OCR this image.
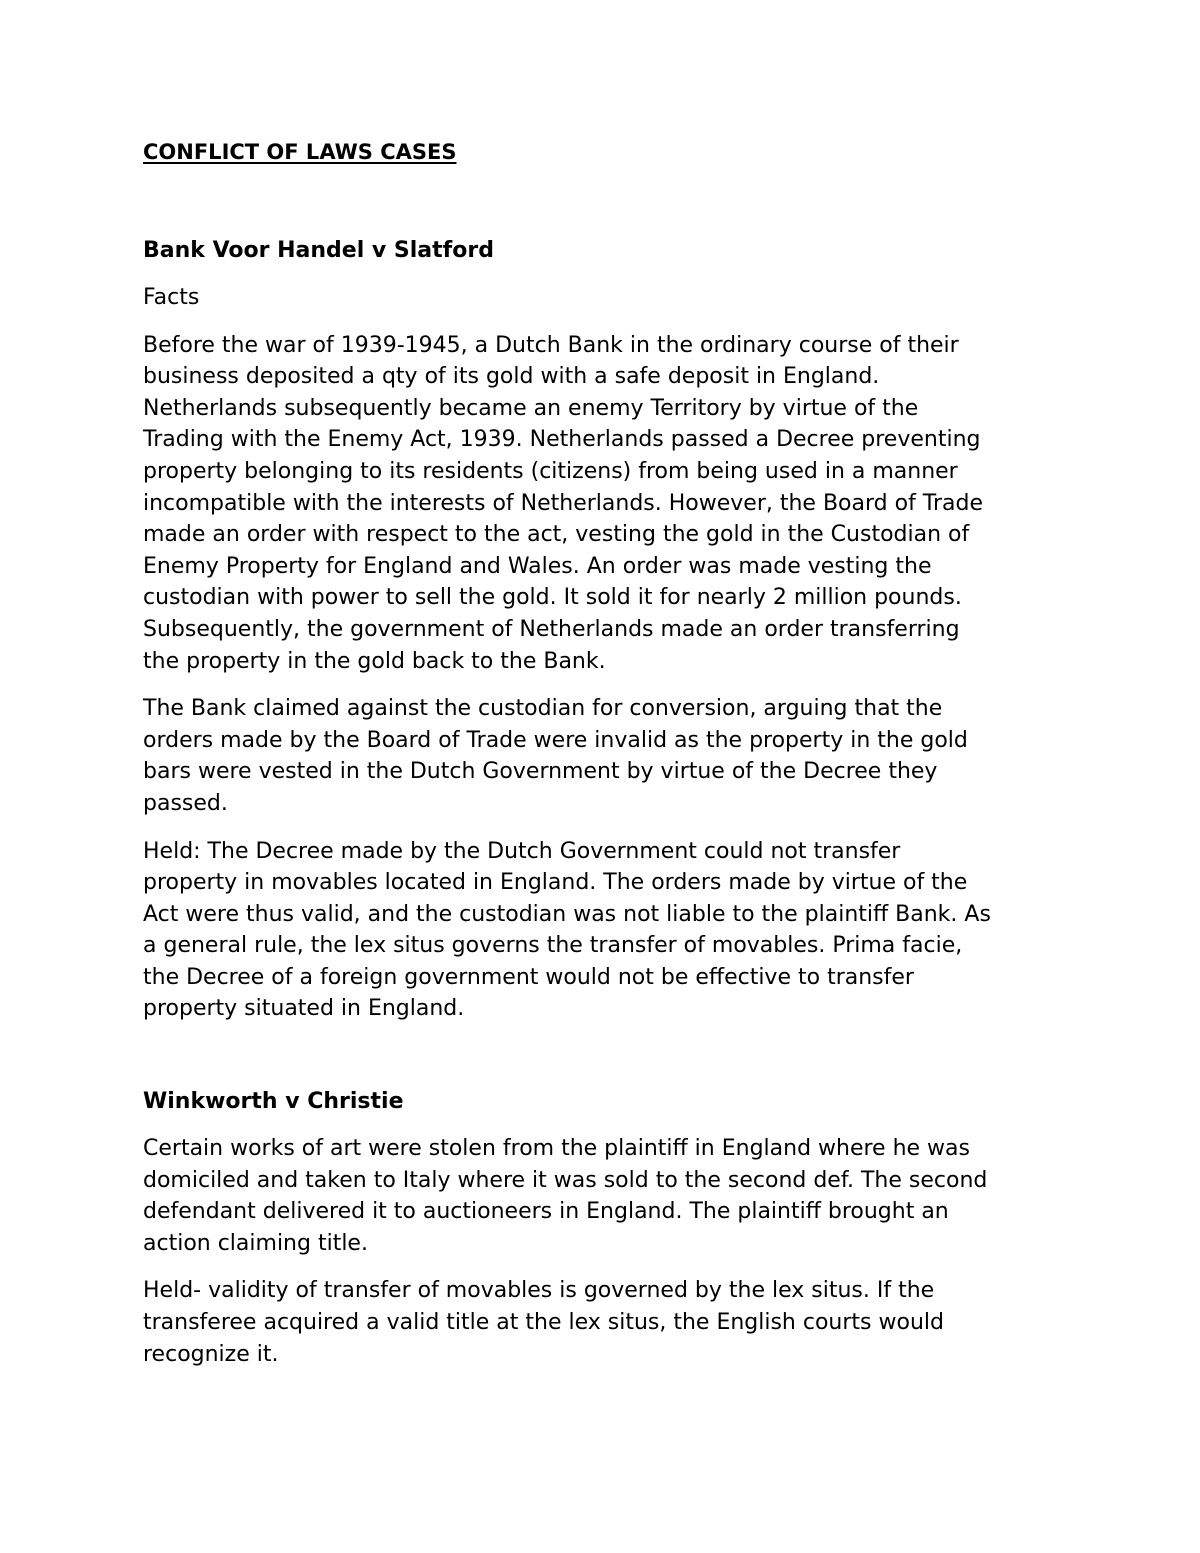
CONFLICT OF LAWS CASES
Bank Voor Handel v Slatford

Facts

Before the war of 1939-1945, a Dutch Bank in the ordinary course of their
business deposited a qty of its gold with a safe deposit in England.
Netherlands subsequently became an enemy Territory by virtue of the
Trading with the Enemy Act, 1939. Netherlands passed a Decree preventing
property belonging to its residents (citizens) from being used in a manner
incompatible with the interests of Netherlands. However, the Board of Trade
made an order with respect to the act, vesting the gold in the Custodian of
Enemy Property for England and Wales. An order was made vesting the
custodian with power to sell the gold. It sold it for nearly 2 million pounds.
Subsequently, the government of Netherlands made an order transferring
the property in the gold back to the Bank.

The Bank claimed against the custodian for conversion, arguing that the
orders made by the Board of Trade were invalid as the property in the gold
bars were vested in the Dutch Government by virtue of the Decree they
passed.

Held: The Decree made by the Dutch Government could not transfer
property in movables located in England. The orders made by virtue of the
Act were thus valid, and the custodian was not liable to the plaintiff Bank. As
a general rule, the lex situs governs the transfer of movables. Prima facie,
the Decree of a foreign government would not be effective to transfer
property situated in England.

Winkworth v Christie

Certain works of art were stolen from the plaintiff in England where he was
domiciled and taken to Italy where it was sold to the second def. The second
defendant delivered it to auctioneers in England. The plaintiff brought an
action claiming title.

Held- validity of transfer of movables is governed by the lex situs. If the
transferee acquired a valid title at the lex situs, the English courts would
recognize it.
